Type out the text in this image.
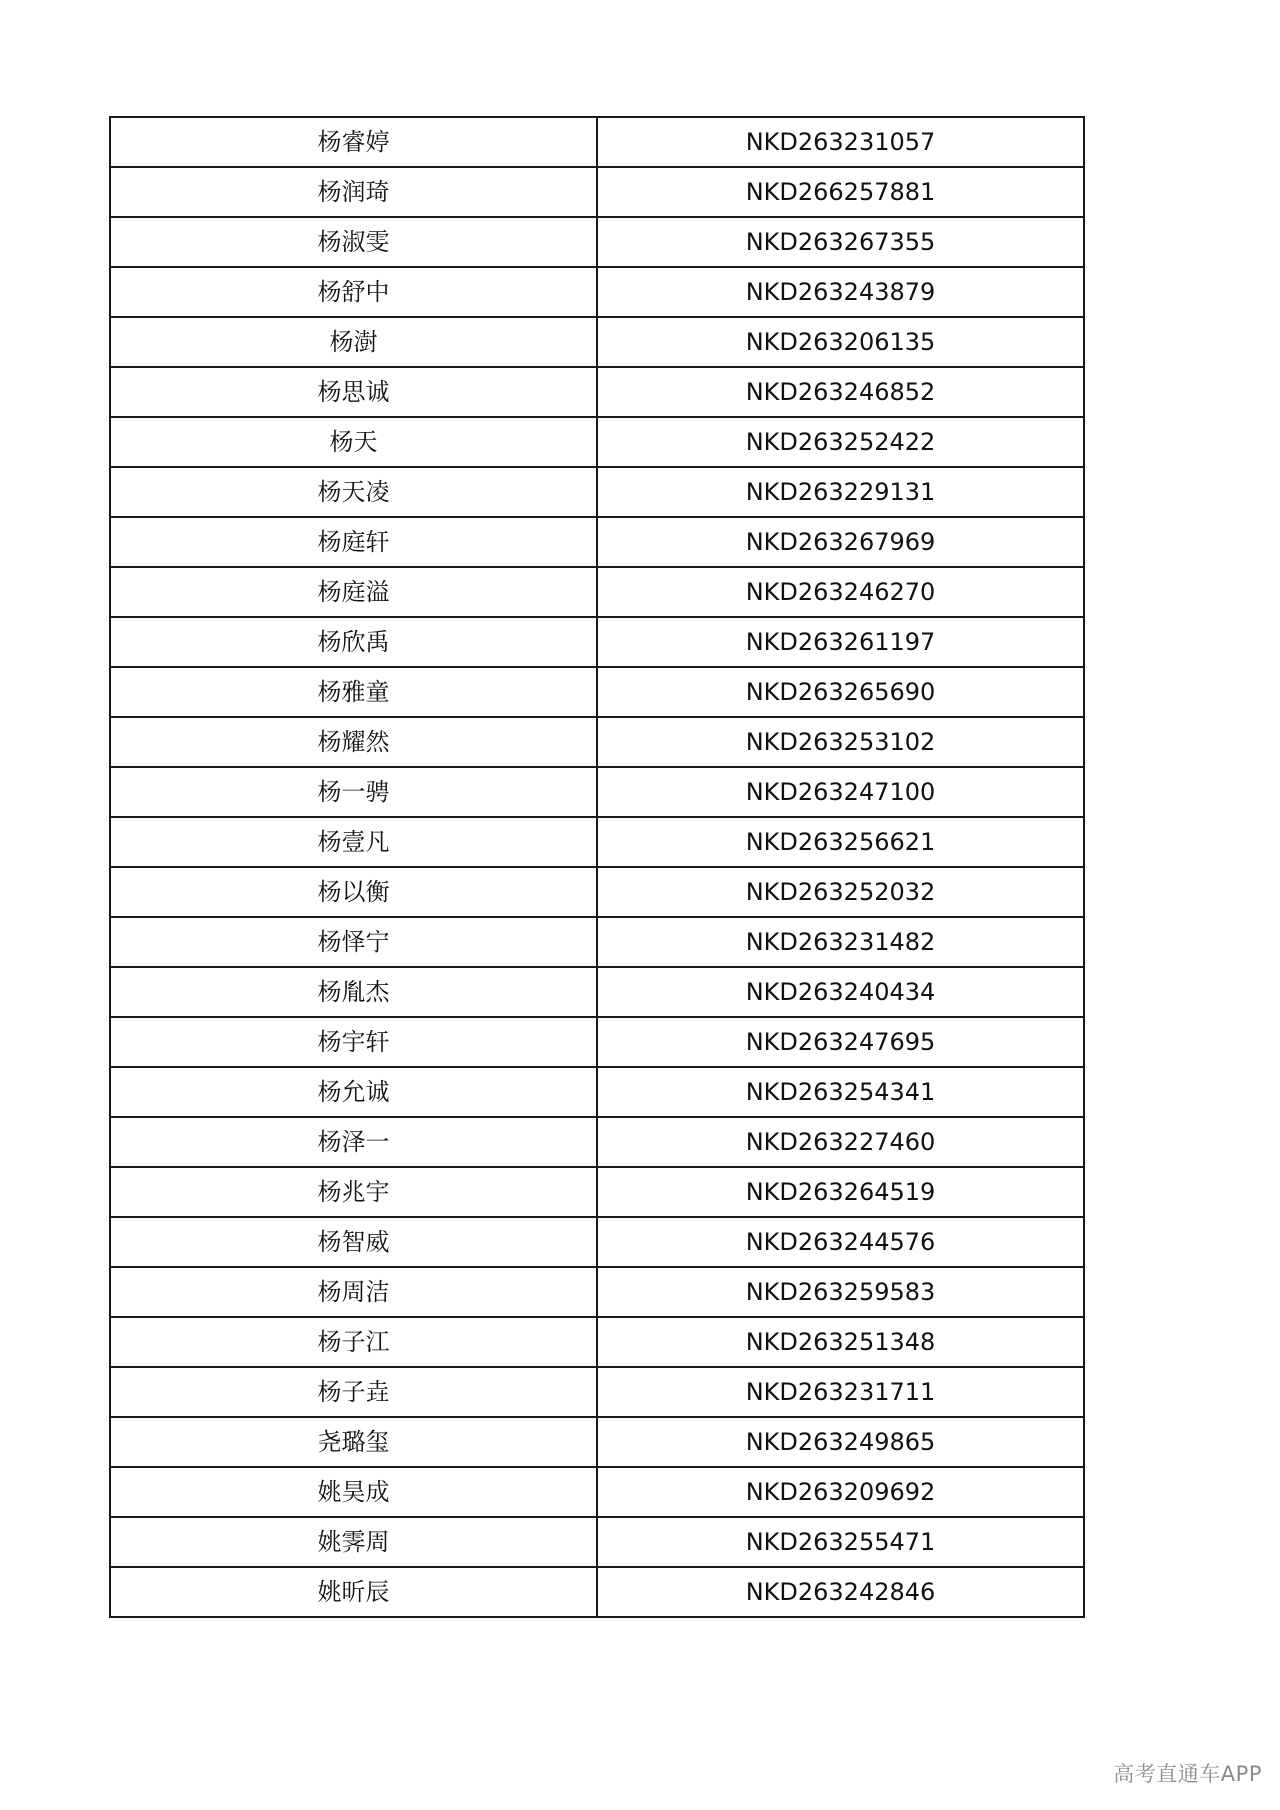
杨睿婷	NKD263231057
杨润琦	NKD266257881
杨淑雯	NKD263267355
杨舒中	NKD263243879
杨澍	NKD263206135
杨思诚	NKD263246852
杨天	NKD263252422
杨天凌	NKD263229131
杨庭轩	NKD263267969
杨庭溢	NKD263246270
杨欣禹	NKD263261197
杨雅童	NKD263265690
杨耀然	NKD263253102
杨一骋	NKD263247100
杨壹凡	NKD263256621
杨以衡	NKD263252032
杨怿宁	NKD263231482
杨胤杰	NKD263240434
杨宇轩	NKD263247695
杨允诚	NKD263254341
杨泽一	NKD263227460
杨兆宇	NKD263264519
杨智威	NKD263244576
杨周洁	NKD263259583
杨子江	NKD263251348
杨子垚	NKD263231711
尧璐玺	NKD263249865
姚昊成	NKD263209692
姚霁周	NKD263255471
姚昕辰	NKD263242846
高考直通车APP
